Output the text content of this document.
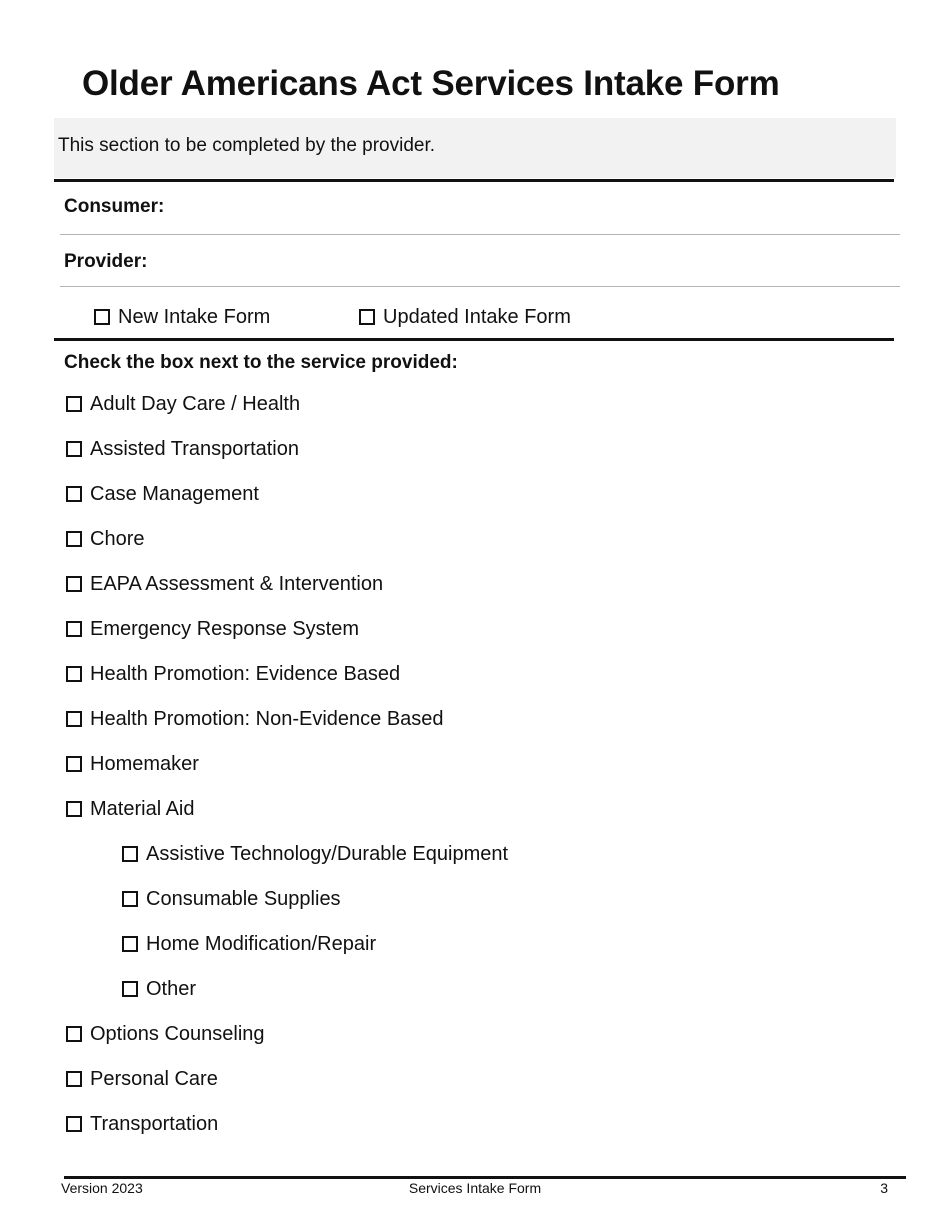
Older Americans Act Services Intake Form
This section to be completed by the provider.
Consumer:
Provider:
New Intake Form	Updated Intake Form
Check the box next to the service provided:
Adult Day Care / Health
Assisted Transportation
Case Management
Chore
EAPA Assessment & Intervention
Emergency Response System
Health Promotion: Evidence Based
Health Promotion: Non-Evidence Based
Homemaker
Material Aid
Assistive Technology/Durable Equipment
Consumable Supplies
Home Modification/Repair
Other
Options Counseling
Personal Care
Transportation
Version 2023	Services Intake Form	3
